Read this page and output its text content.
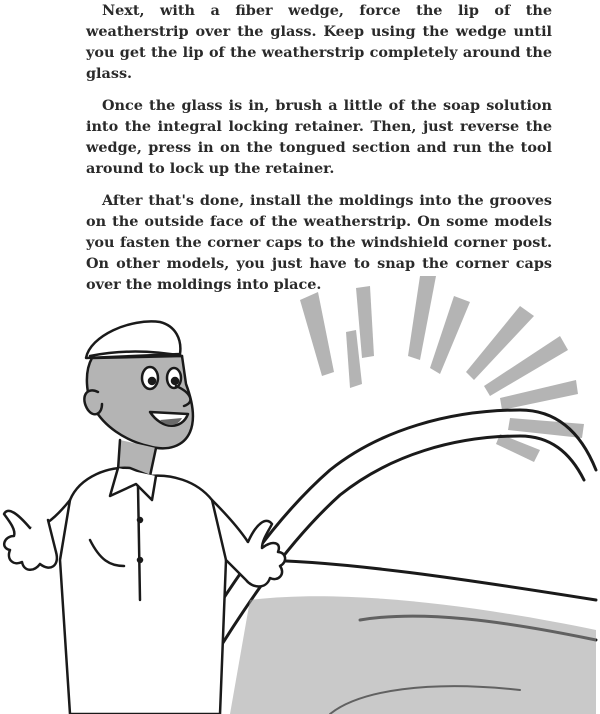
Next, with a fiber wedge, force the lip of the weatherstrip over the glass. Keep using the wedge until you get the lip of the weatherstrip completely around the glass.

Once the glass is in, brush a little of the soap solution into the integral locking retainer. Then, just reverse the wedge, press in on the tongued section and run the tool around to lock up the retainer.

After that's done, install the moldings into the grooves on the outside face of the weatherstrip. On some models you fasten the corner caps to the windshield corner post. On other models, you just have to snap the corner caps over the moldings into place.
